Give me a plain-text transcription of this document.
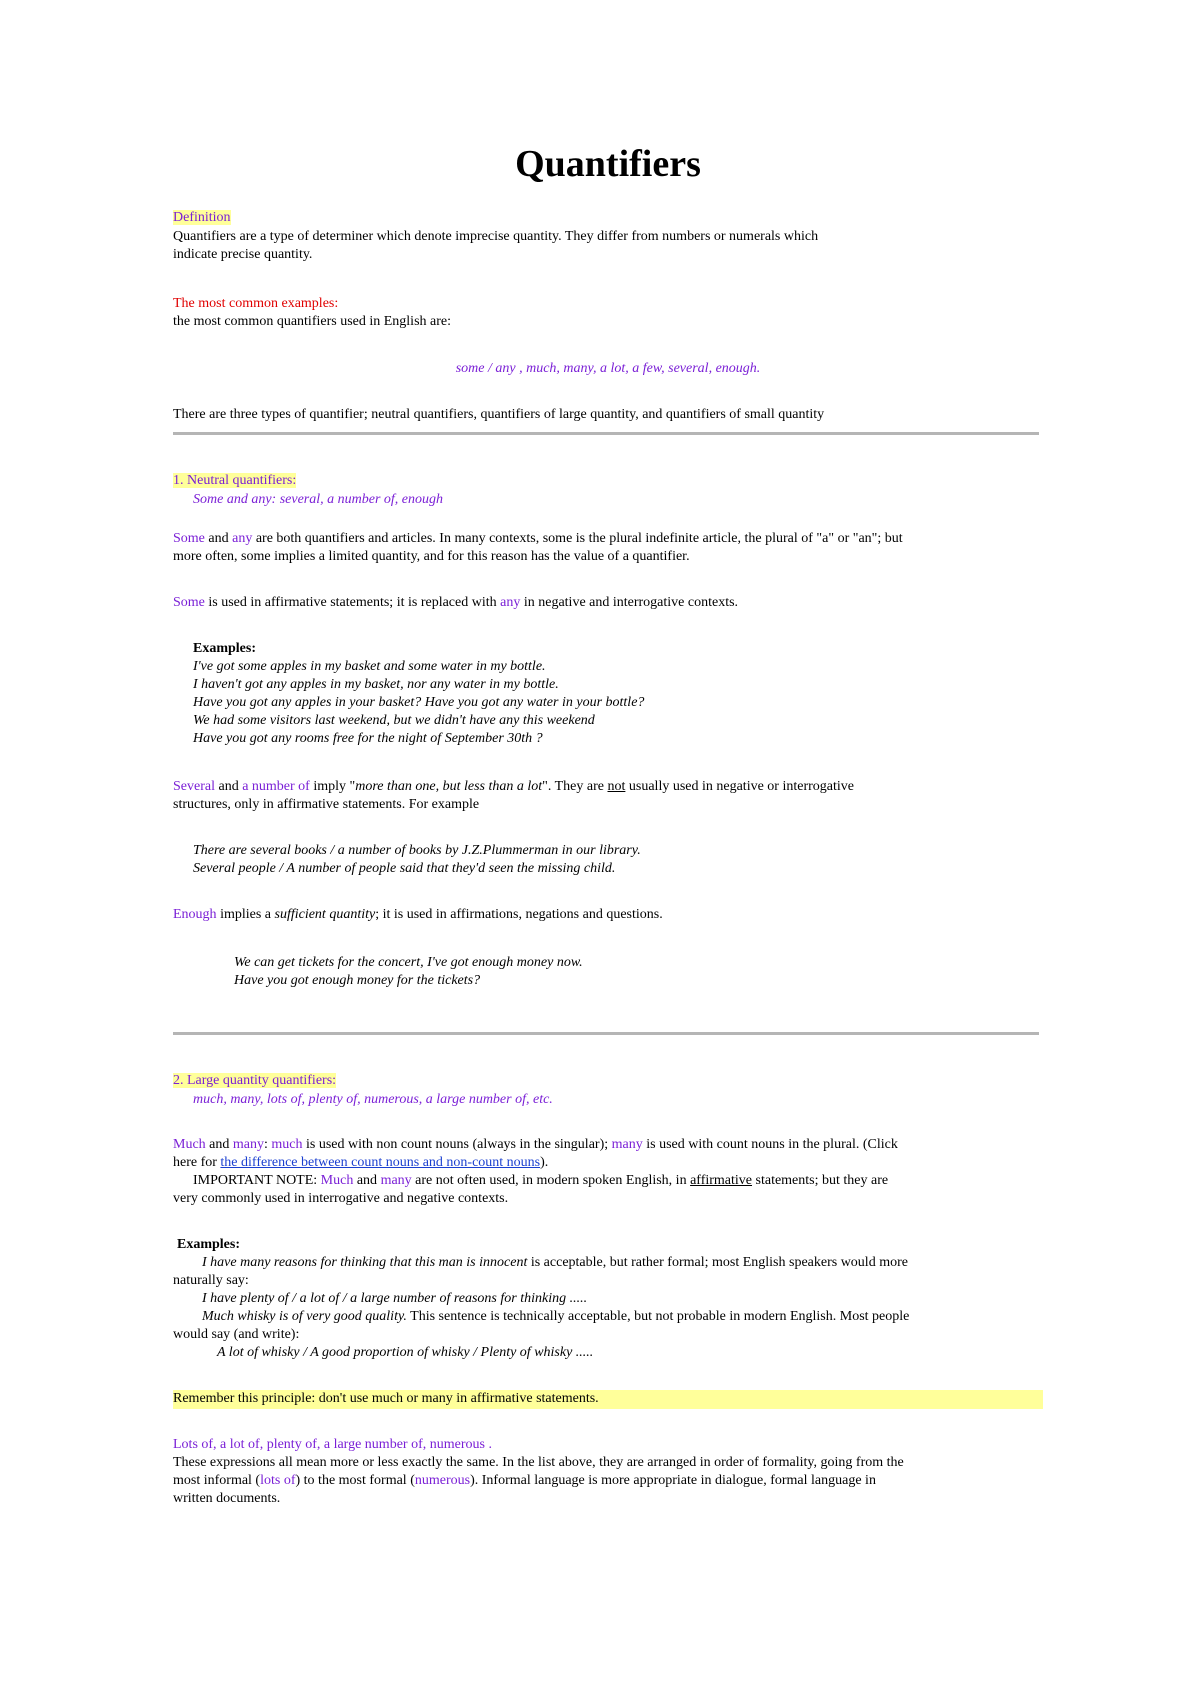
Quantifiers
Definition
Quantifiers are a type of determiner which denote imprecise quantity. They differ from numbers or numerals which
indicate precise quantity.
The most common examples:
the most common quantifiers used in English are:
some / any , much, many, a lot, a few, several, enough.
There are three types of quantifier; neutral quantifiers, quantifiers of large quantity, and quantifiers of small quantity
1. Neutral quantifiers:
Some and any: several, a number of, enough
Some and any are both quantifiers and articles. In many contexts, some is the plural indefinite article, the plural of "a" or "an"; but
more often, some implies a limited quantity, and for this reason has the value of a quantifier.
Some is used in affirmative statements; it is replaced with any in negative and interrogative contexts.
Examples:
I've got some apples in my basket and some water in my bottle.
I haven't got any apples in my basket, nor any water in my bottle.
Have you got any apples in your basket? Have you got any water in your bottle?
We had some visitors last weekend, but we didn't have any this weekend
Have you got any rooms free for the night of September 30th ?
Several and a number of imply "more than one, but less than a lot". They are not usually used in negative or interrogative
structures, only in affirmative statements. For example
There are several books / a number of books by J.Z.Plummerman in our library.
Several people / A number of people said that they'd seen the missing child.
Enough implies a sufficient quantity; it is used in affirmations, negations and questions.
We can get tickets for the concert, I've got enough money now.
Have you got enough money for the tickets?
2. Large quantity quantifiers:
much, many, lots of, plenty of, numerous, a large number of, etc.
Much and many: much is used with non count nouns (always in the singular); many is used with count nouns in the plural. (Click
here for the difference between count nouns and non-count nouns).
IMPORTANT NOTE: Much and many are not often used, in modern spoken English, in affirmative statements; but they are
very commonly used in interrogative and negative contexts.
Examples:
I have many reasons for thinking that this man is innocent is acceptable, but rather formal; most English speakers would more
naturally say:
I have plenty of / a lot of / a large number of reasons for thinking .....
Much whisky is of very good quality. This sentence is technically acceptable, but not probable in modern English. Most people
would say (and write):
A lot of whisky / A good proportion of whisky / Plenty of whisky .....
Remember this principle: don't use much or many in affirmative statements.
Lots of, a lot of, plenty of, a large number of, numerous .
These expressions all mean more or less exactly the same. In the list above, they are arranged in order of formality, going from the
most informal (lots of) to the most formal (numerous). Informal language is more appropriate in dialogue, formal language in
written documents.
